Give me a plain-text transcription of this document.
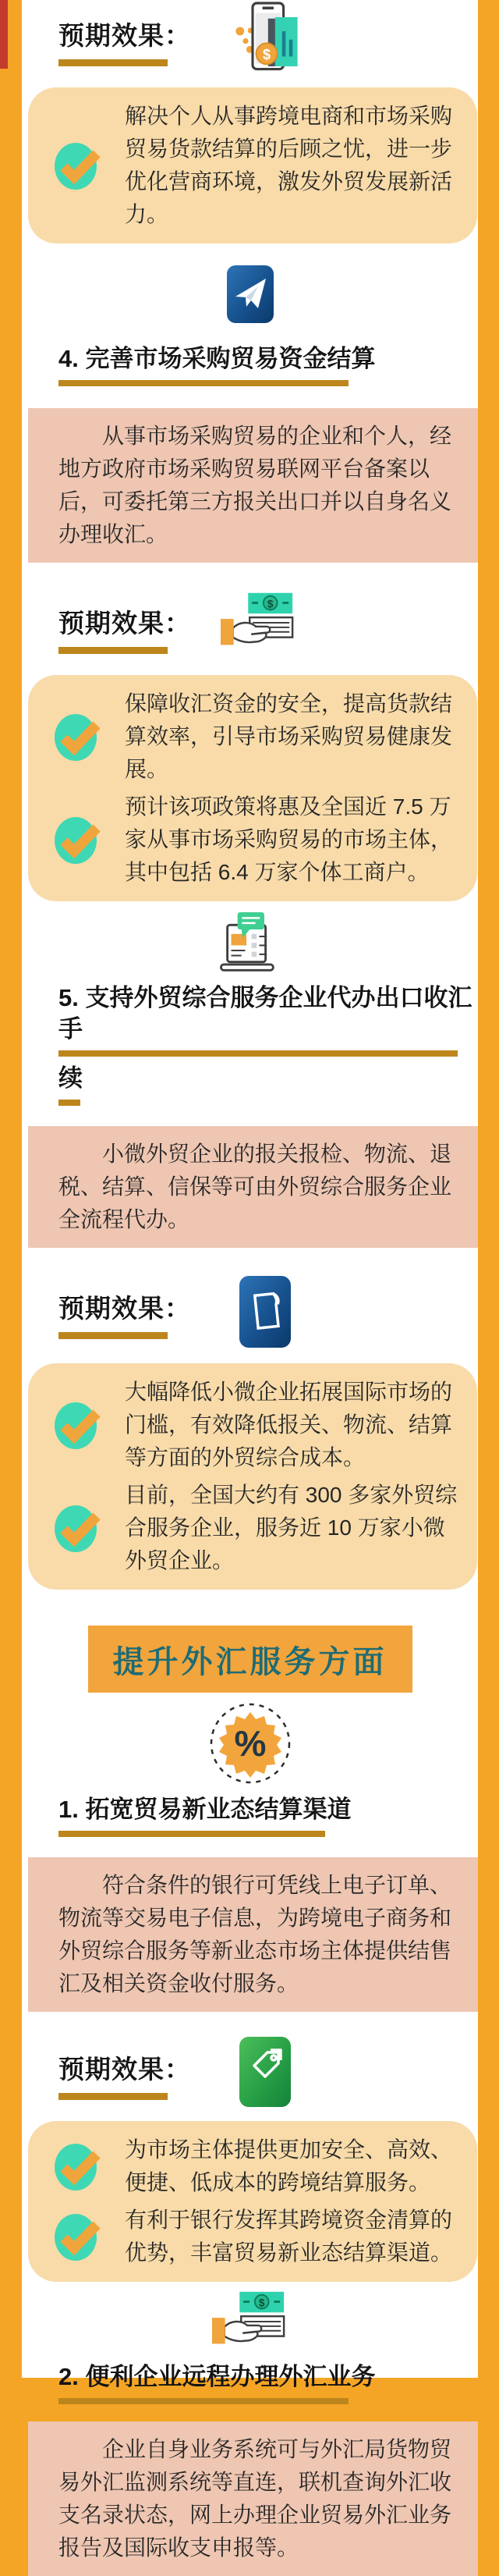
预期效果：

$
解决个人从事跨境电商和市场采购贸易货款结算的后顾之忧，进一步优化营商环境，激发外贸发展新活力。
4. 完善市场采购贸易资金结算

从事市场采购贸易的企业和个人，经地方政府市场采购贸易联网平台备案以后，可委托第三方报关出口并以自身名义办理收汇。

预期效果：

$
保障收汇资金的安全，提高货款结算效率，引导市场采购贸易健康发展。
预计该项政策将惠及全国近 7.5 万家从事市场采购贸易的市场主体，其中包括 6.4 万家个体工商户。
5. 支持外贸综合服务企业代办出口收汇手
续

小微外贸企业的报关报检、物流、退税、结算、信保等可由外贸综合服务企业全流程代办。

预期效果：

大幅降低小微企业拓展国际市场的门槛，有效降低报关、物流、结算等方面的外贸综合成本。
目前，全国大约有 300 多家外贸综合服务企业，服务近 10 万家小微外贸企业。
提升外汇服务方面
%
1. 拓宽贸易新业态结算渠道

符合条件的银行可凭线上电子订单、物流等交易电子信息，为跨境电子商务和外贸综合服务等新业态市场主体提供结售汇及相关资金收付服务。

预期效果：

为市场主体提供更加安全、高效、便捷、低成本的跨境结算服务。
有利于银行发挥其跨境资金清算的优势，丰富贸易新业态结算渠道。
$
2. 便利企业远程办理外汇业务

企业自身业务系统可与外汇局货物贸易外汇监测系统等直连，联机查询外汇收支名录状态，网上办理企业贸易外汇业务报告及国际收支申报等。
